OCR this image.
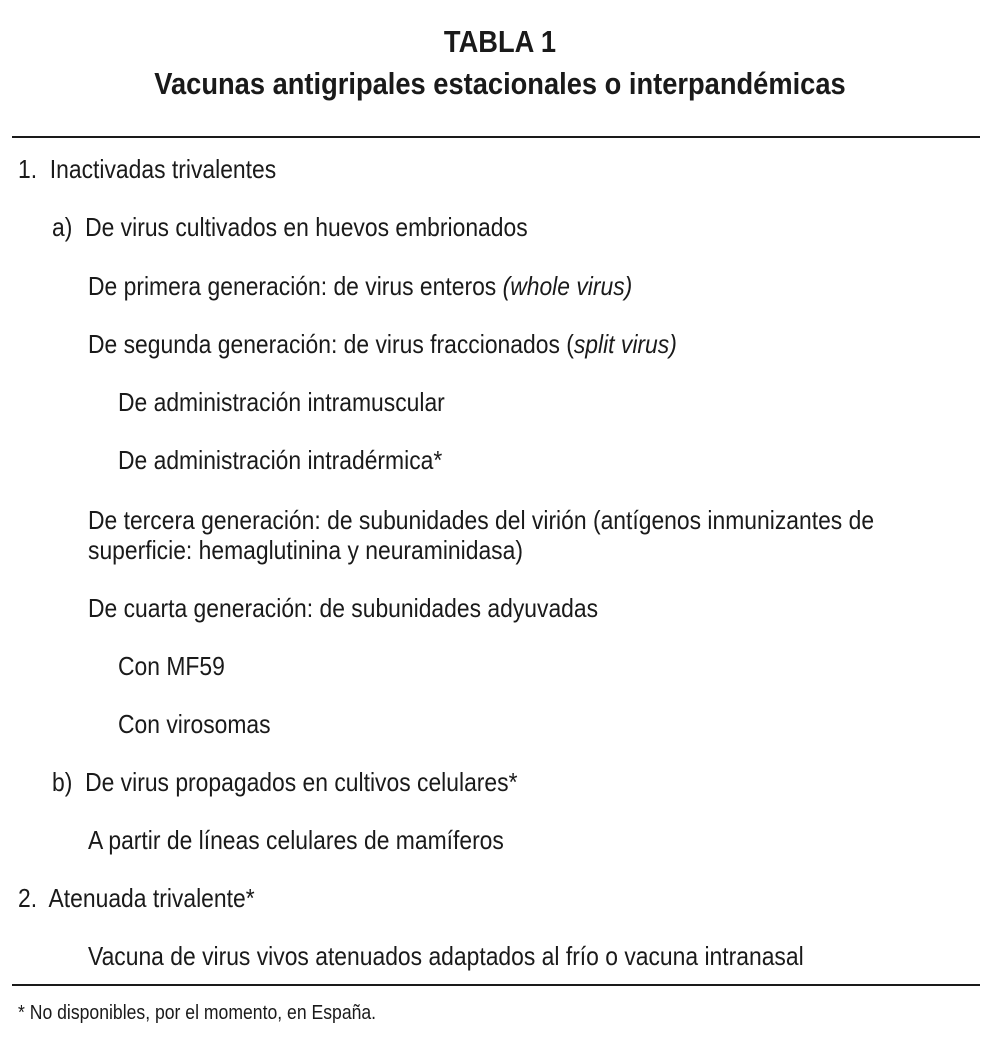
TABLA 1
Vacunas antigripales estacionales o interpandémicas
1. Inactivadas trivalentes
a) De virus cultivados en huevos embrionados
De primera generación: de virus enteros (whole virus)
De segunda generación: de virus fraccionados (split virus)
De administración intramuscular
De administración intradérmica*
De tercera generación: de subunidades del virión (antígenos inmunizantes de
superficie: hemaglutinina y neuraminidasa)
De cuarta generación: de subunidades adyuvadas
Con MF59
Con virosomas
b) De virus propagados en cultivos celulares*
A partir de líneas celulares de mamíferos
2. Atenuada trivalente*
Vacuna de virus vivos atenuados adaptados al frío o vacuna intranasal
* No disponibles, por el momento, en España.
